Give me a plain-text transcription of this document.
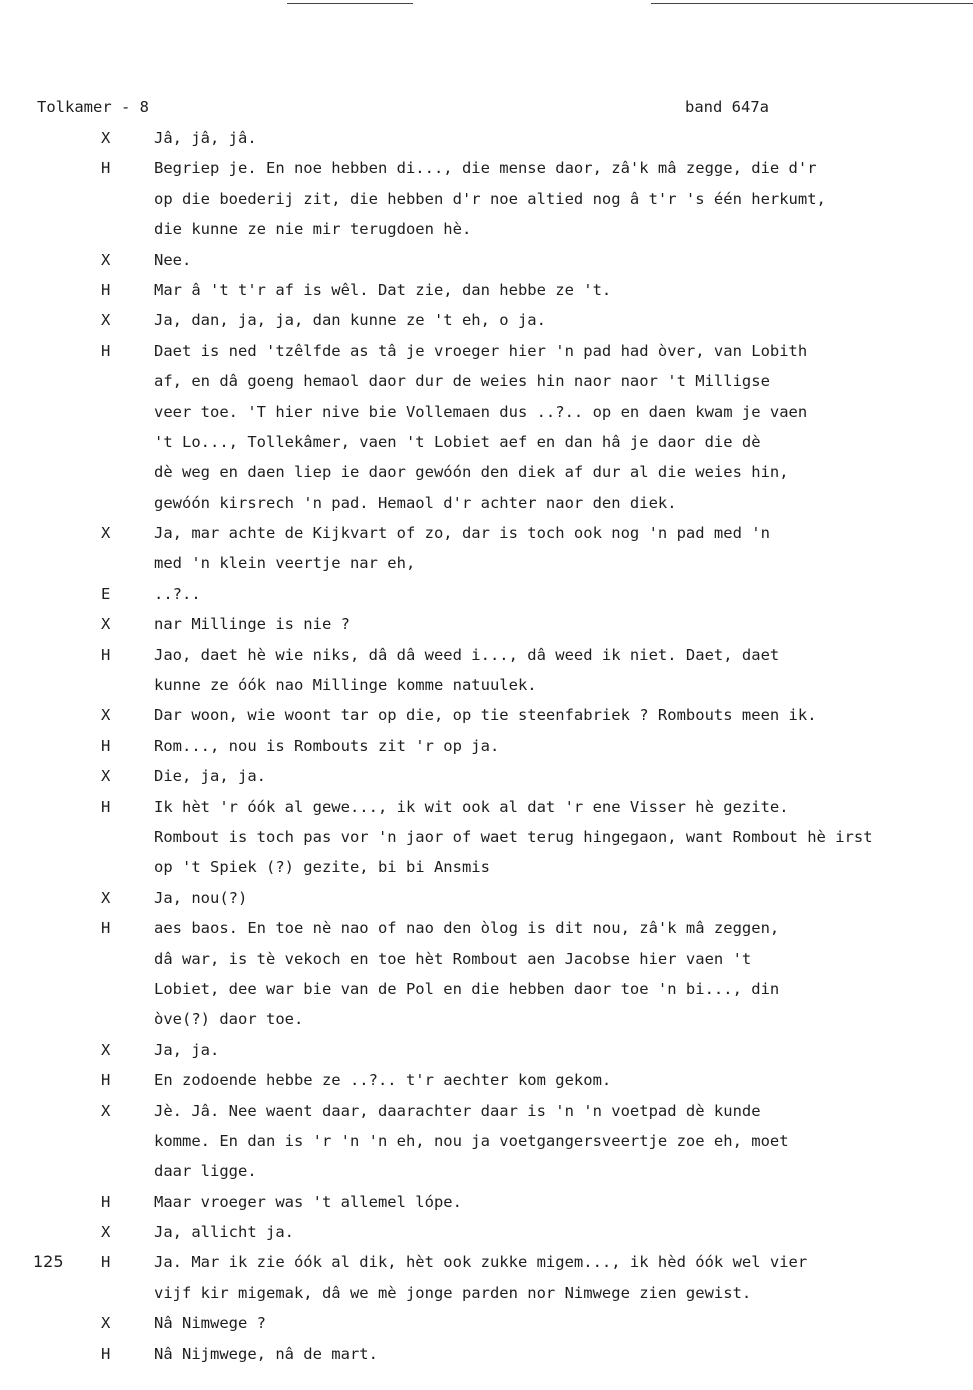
Tolkamer - 8	band 647a
X	Jâ, jâ, jâ.
H	Begriep je. En noe hebben di..., die mense daor, zâ'k mâ zegge, die d'r
op die boederij zit, die hebben d'r noe altied nog â t'r 's één herkumt,
die kunne ze nie mir terugdoen hè.
X	Nee.
H	Mar â 't t'r af is wêl. Dat zie, dan hebbe ze 't.
X	Ja, dan, ja, ja, dan kunne ze 't eh, o ja.
H	Daet is ned 'tzêlfde as tâ je vroeger hier 'n pad had òver, van Lobith
af, en dâ goeng hemaol daor dur de weies hin naor naor 't Milligse
veer toe. 'T hier nive bie Vollemaen dus ..?.. op en daen kwam je vaen
't Lo..., Tollekâmer, vaen 't Lobiet aef en dan hâ je daor die dè
dè weg en daen liep ie daor gewóón den diek af dur al die weies hin,
gewóón kirsrech 'n pad. Hemaol d'r achter naor den diek.
X	Ja, mar achte de Kijkvart of zo, dar is toch ook nog 'n pad med 'n
med 'n klein veertje nar eh,
E	..?..
X	nar Millinge is nie ?
H	Jao, daet hè wie niks, dâ dâ weed i..., dâ weed ik niet. Daet, daet
kunne ze óók nao Millinge komme natuulek.
X	Dar woon, wie woont tar op die, op tie steenfabriek ? Rombouts meen ik.
H	Rom..., nou is Rombouts zit 'r op ja.
X	Die, ja, ja.
H	Ik hèt 'r óók al gewe..., ik wit ook al dat 'r ene Visser hè gezite.
Rombout is toch pas vor 'n jaor of waet terug hingegaon, want Rombout hè irst
op 't Spiek (?) gezite, bi bi Ansmis
X	Ja, nou(?)
H	aes baos. En toe nè nao of nao den òlog is dit nou, zâ'k mâ zeggen,
dâ war, is tè vekoch en toe hèt Rombout aen Jacobse hier vaen 't
Lobiet, dee war bie van de Pol en die hebben daor toe 'n bi..., din
òve(?) daor toe.
X	Ja, ja.
H	En zodoende hebbe ze ..?.. t'r aechter kom gekom.
X	Jè. Jâ. Nee waent daar, daarachter daar is 'n 'n voetpad dè kunde
komme. En dan is 'r 'n 'n eh, nou ja voetgangersveertje zoe eh, moet
daar ligge.
H	Maar vroeger was 't allemel lópe.
X	Ja, allicht ja.
125 H	Ja. Mar ik zie óók al dik, hèt ook zukke migem..., ik hèd óók wel vier
vijf kir migemak, dâ we mè jonge parden nor Nimwege zien gewist.
X	Nâ Nimwege ?
H	Nâ Nijmwege, nâ de mart.
